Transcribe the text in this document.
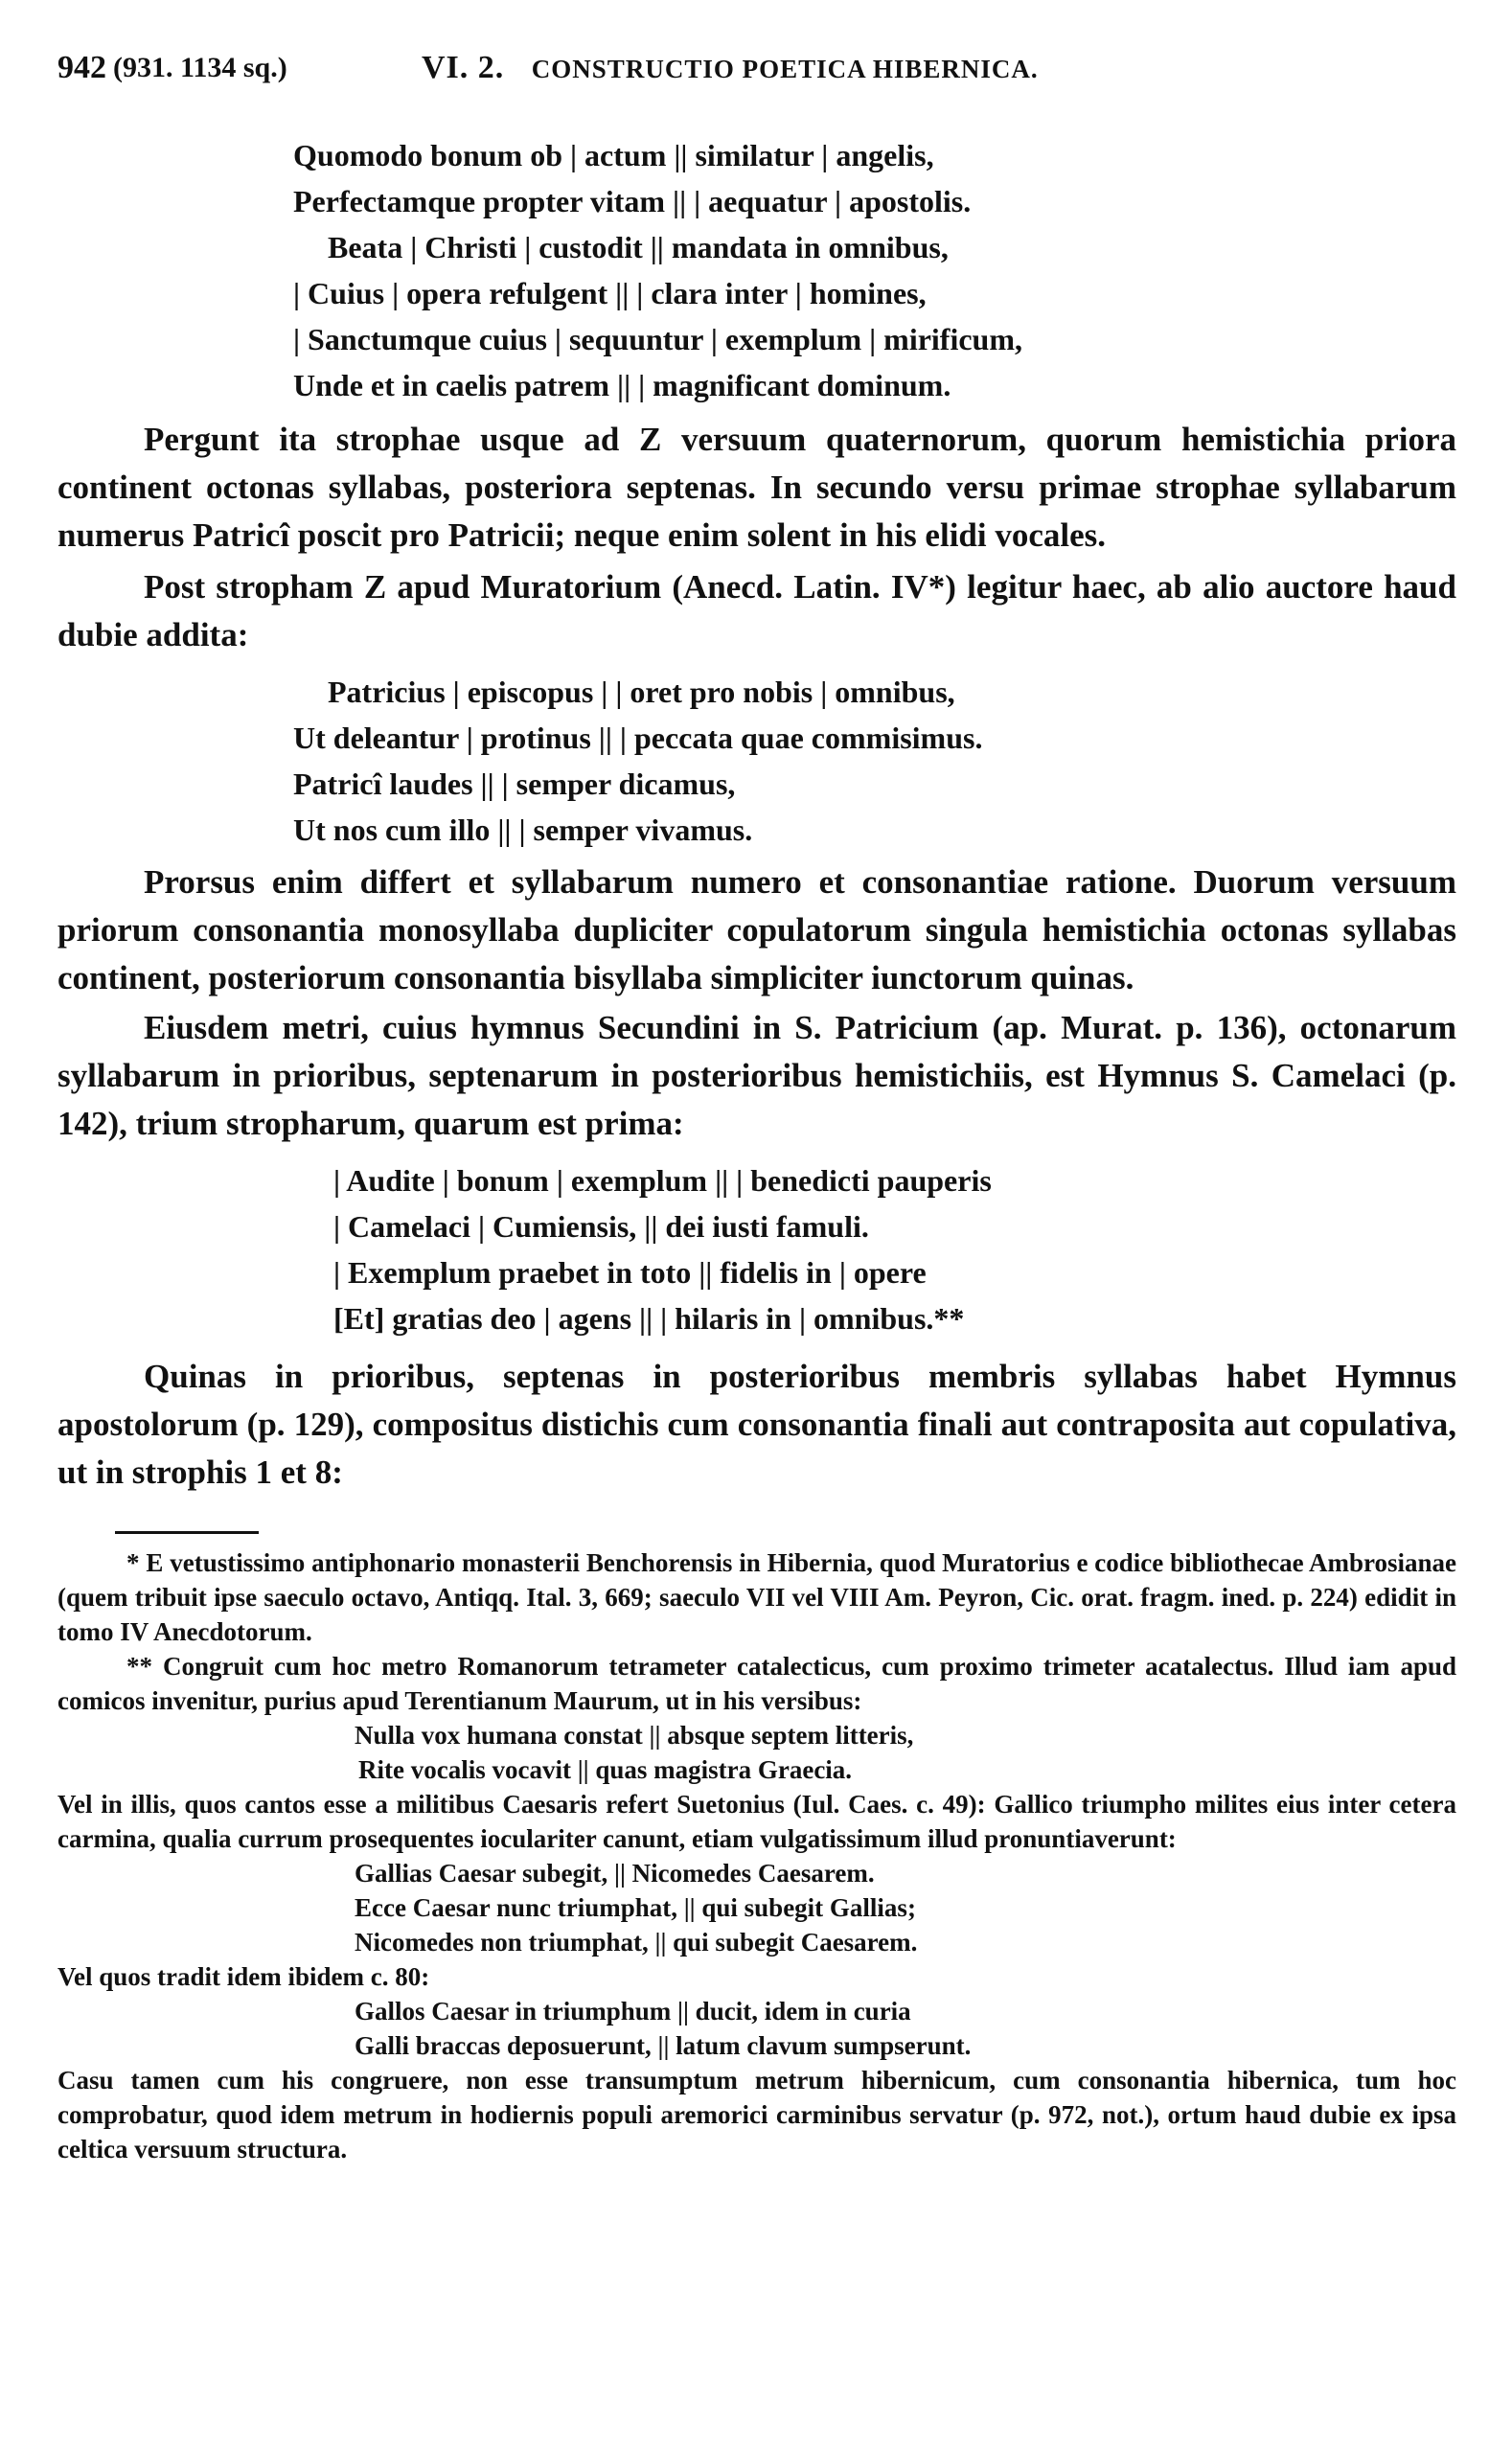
942 (931. 1134 sq.)	VI. 2. CONSTRUCTIO POETICA HIBERNICA.
Quomodo bonum ob | actum || similatur | angelis,
Perfectamque propter vitam || | aequatur | apostolis.
Beata | Christi | custodit || mandata in omnibus,
| Cuius | opera refulgent || | clara inter | homines,
| Sanctumque cuius | sequuntur | exemplum | mirificum,
Unde et in caelis patrem || | magnificant dominum.

Pergunt ita strophae usque ad Z versuum quaternorum, quorum hemistichia priora continent octonas syllabas, posteriora septenas. In secundo versu primae strophae syllabarum numerus Patricî poscit pro Patricii; neque enim solent in his elidi vocales.

Post stropham Z apud Muratorium (Anecd. Latin. IV*) legitur haec, ab alio auctore haud dubie addita:

Patricius | episcopus | | oret pro nobis | omnibus,
Ut deleantur | protinus || | peccata quae commisimus.
Patricî laudes || | semper dicamus,
Ut nos cum illo || | semper vivamus.

Prorsus enim differt et syllabarum numero et consonantiae ratione. Duorum versuum priorum consonantia monosyllaba dupliciter copulatorum singula hemistichia octonas syllabas continent, posteriorum consonantia bisyllaba simpliciter iunctorum quinas.

Eiusdem metri, cuius hymnus Secundini in S. Patricium (ap. Murat. p. 136), octonarum syllabarum in prioribus, septenarum in posterioribus hemistichiis, est Hymnus S. Camelaci (p. 142), trium stropharum, quarum est prima:

| Audite | bonum | exemplum || | benedicti pauperis
| Camelaci | Cumiensis, || dei iusti famuli.
| Exemplum praebet in toto || fidelis in | opere
[Et] gratias deo | agens || | hilaris in | omnibus.**

Quinas in prioribus, septenas in posterioribus membris syllabas habet Hymnus apostolorum (p. 129), compositus distichis cum consonantia finali aut contraposita aut copulativa, ut in strophis 1 et 8:

* E vetustissimo antiphonario monasterii Benchorensis in Hibernia, quod Muratorius e codice bibliothecae Ambrosianae (quem tribuit ipse saeculo octavo, Antiqq. Ital. 3, 669; saeculo VII vel VIII Am. Peyron, Cic. orat. fragm. ined. p. 224) edidit in tomo IV Anecdotorum.

** Congruit cum hoc metro Romanorum tetrameter catalecticus, cum proximo trimeter acatalectus. Illud iam apud comicos invenitur, purius apud Terentianum Maurum, ut in his versibus:

Nulla vox humana constat || absque septem litteris,
Rite vocalis vocavit || quas magistra Graecia.

Vel in illis, quos cantos esse a militibus Caesaris refert Suetonius (Iul. Caes. c. 49): Gallico triumpho milites eius inter cetera carmina, qualia currum prosequentes ioculariter canunt, etiam vulgatissimum illud pronuntiaverunt:

Gallias Caesar subegit, || Nicomedes Caesarem.
Ecce Caesar nunc triumphat, || qui subegit Gallias;
Nicomedes non triumphat, || qui subegit Caesarem.

Vel quos tradit idem ibidem c. 80:

Gallos Caesar in triumphum || ducit, idem in curia
Galli braccas deposuerunt, || latum clavum sumpserunt.

Casu tamen cum his congruere, non esse transumptum metrum hibernicum, cum consonantia hibernica, tum hoc comprobatur, quod idem metrum in hodiernis populi aremorici carminibus servatur (p. 972, not.), ortum haud dubie ex ipsa celtica versuum structura.
